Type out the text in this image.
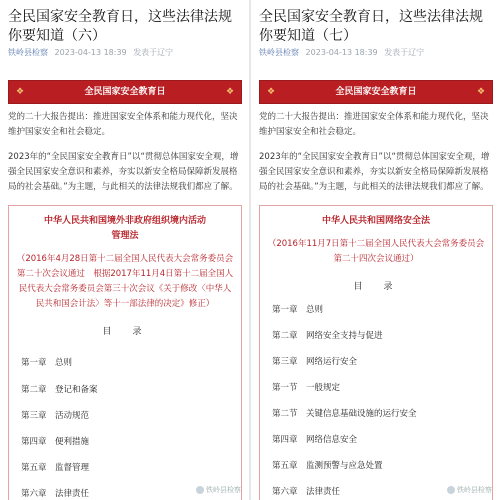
全民国家安全教育日，这些法律法规你要知道（六）
铁岭县检察 2023-04-13 18:39 发表于辽宁
❖	全民国家安全教育日	❖
党的二十大报告提出：推进国家安全体系和能力现代化，坚决维护国家安全和社会稳定。
2023年的“全民国家安全教育日”以“贯彻总体国家安全观，增强全民国家安全意识和素养，夯实以新安全格局保障新发展格局的社会基础。”为主题，与此相关的法律法规我们都应了解。
中华人民共和国境外非政府组织境内活动管理法
（2016年4月28日第十二届全国人民代表大会常务委员会第二十次会议通过　根据2017年11月4日第十二届全国人民代表大会常务委员会第三十次会议《关于修改〈中华人民共和国会计法〉等十一部法律的决定》修正）
目　录
第一章 总则
第二章 登记和备案
第三章 活动规范
第四章 便利措施
第五章 监督管理
第六章 法律责任	铁岭县检察
全民国家安全教育日，这些法律法规你要知道（七）
铁岭县检察 2023-04-13 18:39 发表于辽宁
❖	全民国家安全教育日	❖
党的二十大报告提出：推进国家安全体系和能力现代化，坚决维护国家安全和社会稳定。
2023年的“全民国家安全教育日”以“贯彻总体国家安全观，增强全民国家安全意识和素养，夯实以新安全格局保障新发展格局的社会基础。”为主题，与此相关的法律法规我们都应了解。
中华人民共和国网络安全法
（2016年11月7日第十二届全国人民代表大会常务委员会第二十四次会议通过）
目　录
第一章 总则
第二章 网络安全支持与促进
第三章 网络运行安全
第一节 一般规定
第二节 关键信息基础设施的运行安全
第四章 网络信息安全
第五章 监测预警与应急处置
第六章 法律责任	铁岭县检察
